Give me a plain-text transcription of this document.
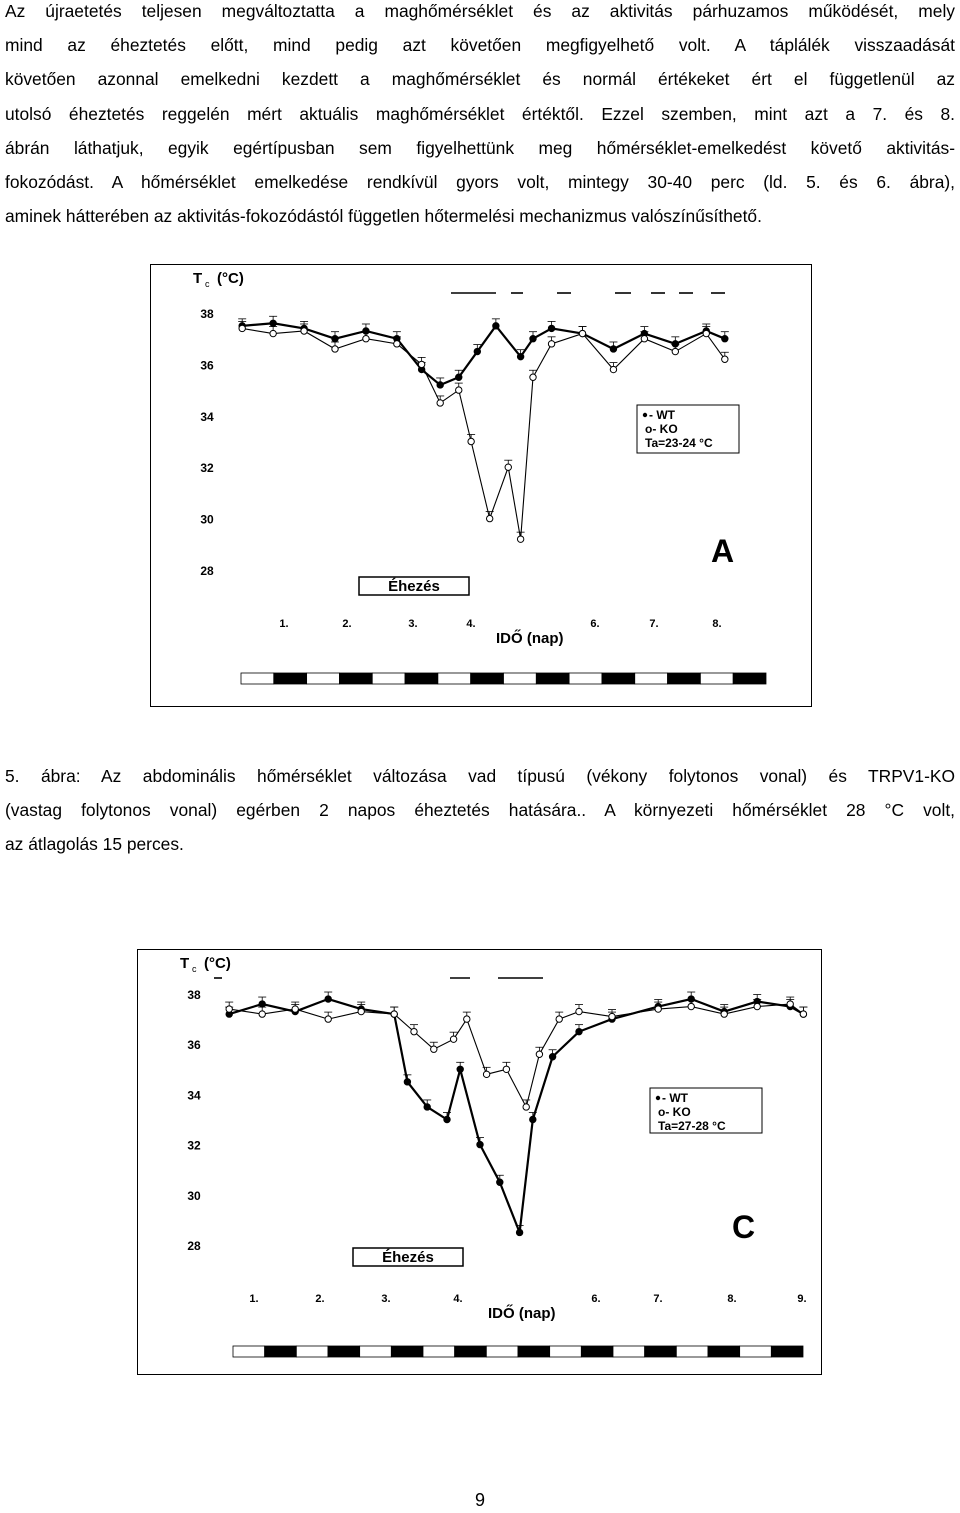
Az újraetetés teljesen megváltoztatta a maghőmérséklet és az aktivitás párhuzamos működését, mely
mind az éheztetés előtt, mind pedig azt követően megfigyelhető volt. A táplálék visszaadását
követően azonnal emelkedni kezdett a maghőmérséklet és normál értékeket ért el függetlenül az
utolsó éheztetés reggelén mért aktuális maghőmérséklet értéktől. Ezzel szemben, mint azt a 7. és 8.
ábrán láthatjuk, egyik egértípusban sem figyelhettünk meg hőmérséklet-emelkedést követő aktivitás-
fokozódást. A hőmérséklet emelkedése rendkívül gyors volt, mintegy 30-40 perc (ld. 5. és 6. ábra),
aminek hátterében az aktivitás-fokozódástól független hőtermelési mechanizmus valószínűsíthető.

T c (°C)
38
36
34
32
30
28
- WT
o- KO
Ta=23-24 °C
A
Éhezés
1.	2.	3.	4.	6.	7.	8.
IDŐ (nap)

5. ábra: Az abdominális hőmérséklet változása vad típusú (vékony folytonos vonal) és TRPV1-KO
(vastag folytonos vonal) egérben 2 napos éheztetés hatására.. A környezeti hőmérséklet 28 °C volt,
az átlagolás 15 perces.

T c (°C)
38
36
34
32
30
28
- WT
o- KO
Ta=27-28 °C
C
Éhezés
1.	2.	3.	4.	6.	7.	8.	9.
IDŐ (nap)
9
